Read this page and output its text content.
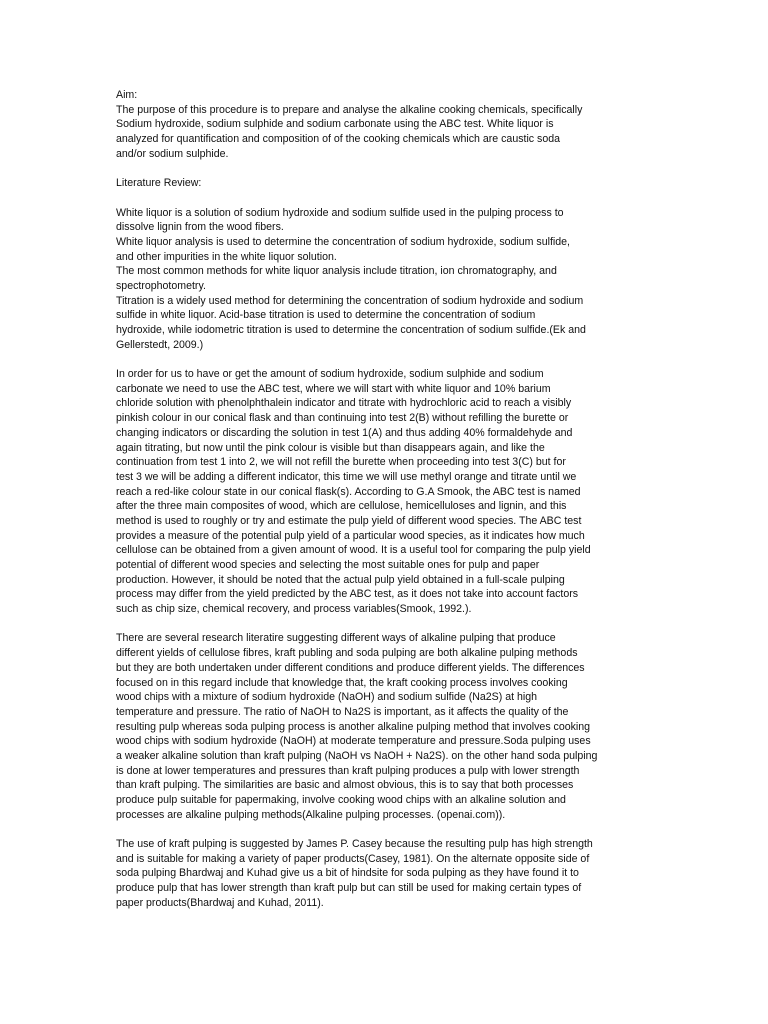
Aim:
The purpose of this procedure is to prepare and analyse the alkaline cooking chemicals, specifically
Sodium hydroxide, sodium sulphide and sodium carbonate using the ABC test. White liquor is
analyzed for quantification and composition of of the cooking chemicals which are caustic soda
and/or sodium sulphide.
Literature Review:
White liquor is a solution of sodium hydroxide and sodium sulfide used in the pulping process to
dissolve lignin from the wood fibers.
White liquor analysis is used to determine the concentration of sodium hydroxide, sodium sulfide,
and other impurities in the white liquor solution.
The most common methods for white liquor analysis include titration, ion chromatography, and
spectrophotometry.
Titration is a widely used method for determining the concentration of sodium hydroxide and sodium
sulfide in white liquor. Acid-base titration is used to determine the concentration of sodium
hydroxide, while iodometric titration is used to determine the concentration of sodium sulfide.(Ek and
Gellerstedt, 2009.)
In order for us to have or get the amount of sodium hydroxide, sodium sulphide and sodium
carbonate we need to use the ABC test, where we will start with white liquor and 10% barium
chloride solution with phenolphthalein indicator and titrate with hydrochloric acid to reach a visibly
pinkish colour in our conical flask and than continuing into test 2(B) without refilling the burette or
changing indicators or discarding the solution in test 1(A) and thus adding 40% formaldehyde and
again titrating, but now until the pink colour is visible but than disappears again, and like the
continuation from test 1 into 2, we will not refill the burette when proceeding into test 3(C) but for
test 3 we will be adding a different indicator, this time we will use methyl orange and titrate until we
reach a red-like colour state in our conical flask(s). According to G.A Smook, the ABC test is named
after the three main composites of wood, which are cellulose, hemicelluloses and lignin, and this
method is used to roughly or try and estimate the pulp yield of different wood species. The ABC test
provides a measure of the potential pulp yield of a particular wood species, as it indicates how much
cellulose can be obtained from a given amount of wood. It is a useful tool for comparing the pulp yield
potential of different wood species and selecting the most suitable ones for pulp and paper
production. However, it should be noted that the actual pulp yield obtained in a full-scale pulping
process may differ from the yield predicted by the ABC test, as it does not take into account factors
such as chip size, chemical recovery, and process variables(Smook, 1992.).
There are several research literatire suggesting different ways of alkaline pulping that produce
different yields of cellulose fibres, kraft publing and soda pulping are both alkaline pulping methods
but they are both undertaken under different conditions and produce different yields. The differences
focused on in this regard include that knowledge that, the kraft cooking process involves cooking
wood chips with a mixture of sodium hydroxide (NaOH) and sodium sulfide (Na2S) at high
temperature and pressure. The ratio of NaOH to Na2S is important, as it affects the quality of the
resulting pulp whereas soda pulping process is another alkaline pulping method that involves cooking
wood chips with sodium hydroxide (NaOH) at moderate temperature and pressure.Soda pulping uses
a weaker alkaline solution than kraft pulping (NaOH vs NaOH + Na2S). on the other hand soda pulping
is done at lower temperatures and pressures than kraft pulping produces a pulp with lower strength
than kraft pulping. The similarities are basic and almost obvious, this is to say that both processes
produce pulp suitable for papermaking, involve cooking wood chips with an alkaline solution and
processes are alkaline pulping methods(Alkaline pulping processes. (openai.com)).
The use of kraft pulping is suggested by James P. Casey because the resulting pulp has high strength
and is suitable for making a variety of paper products(Casey, 1981). On the alternate opposite side of
soda pulping Bhardwaj and Kuhad give us a bit of hindsite for soda pulping as they have found it to
produce pulp that has lower strength than kraft pulp but can still be used for making certain types of
paper products(Bhardwaj and Kuhad, 2011).
